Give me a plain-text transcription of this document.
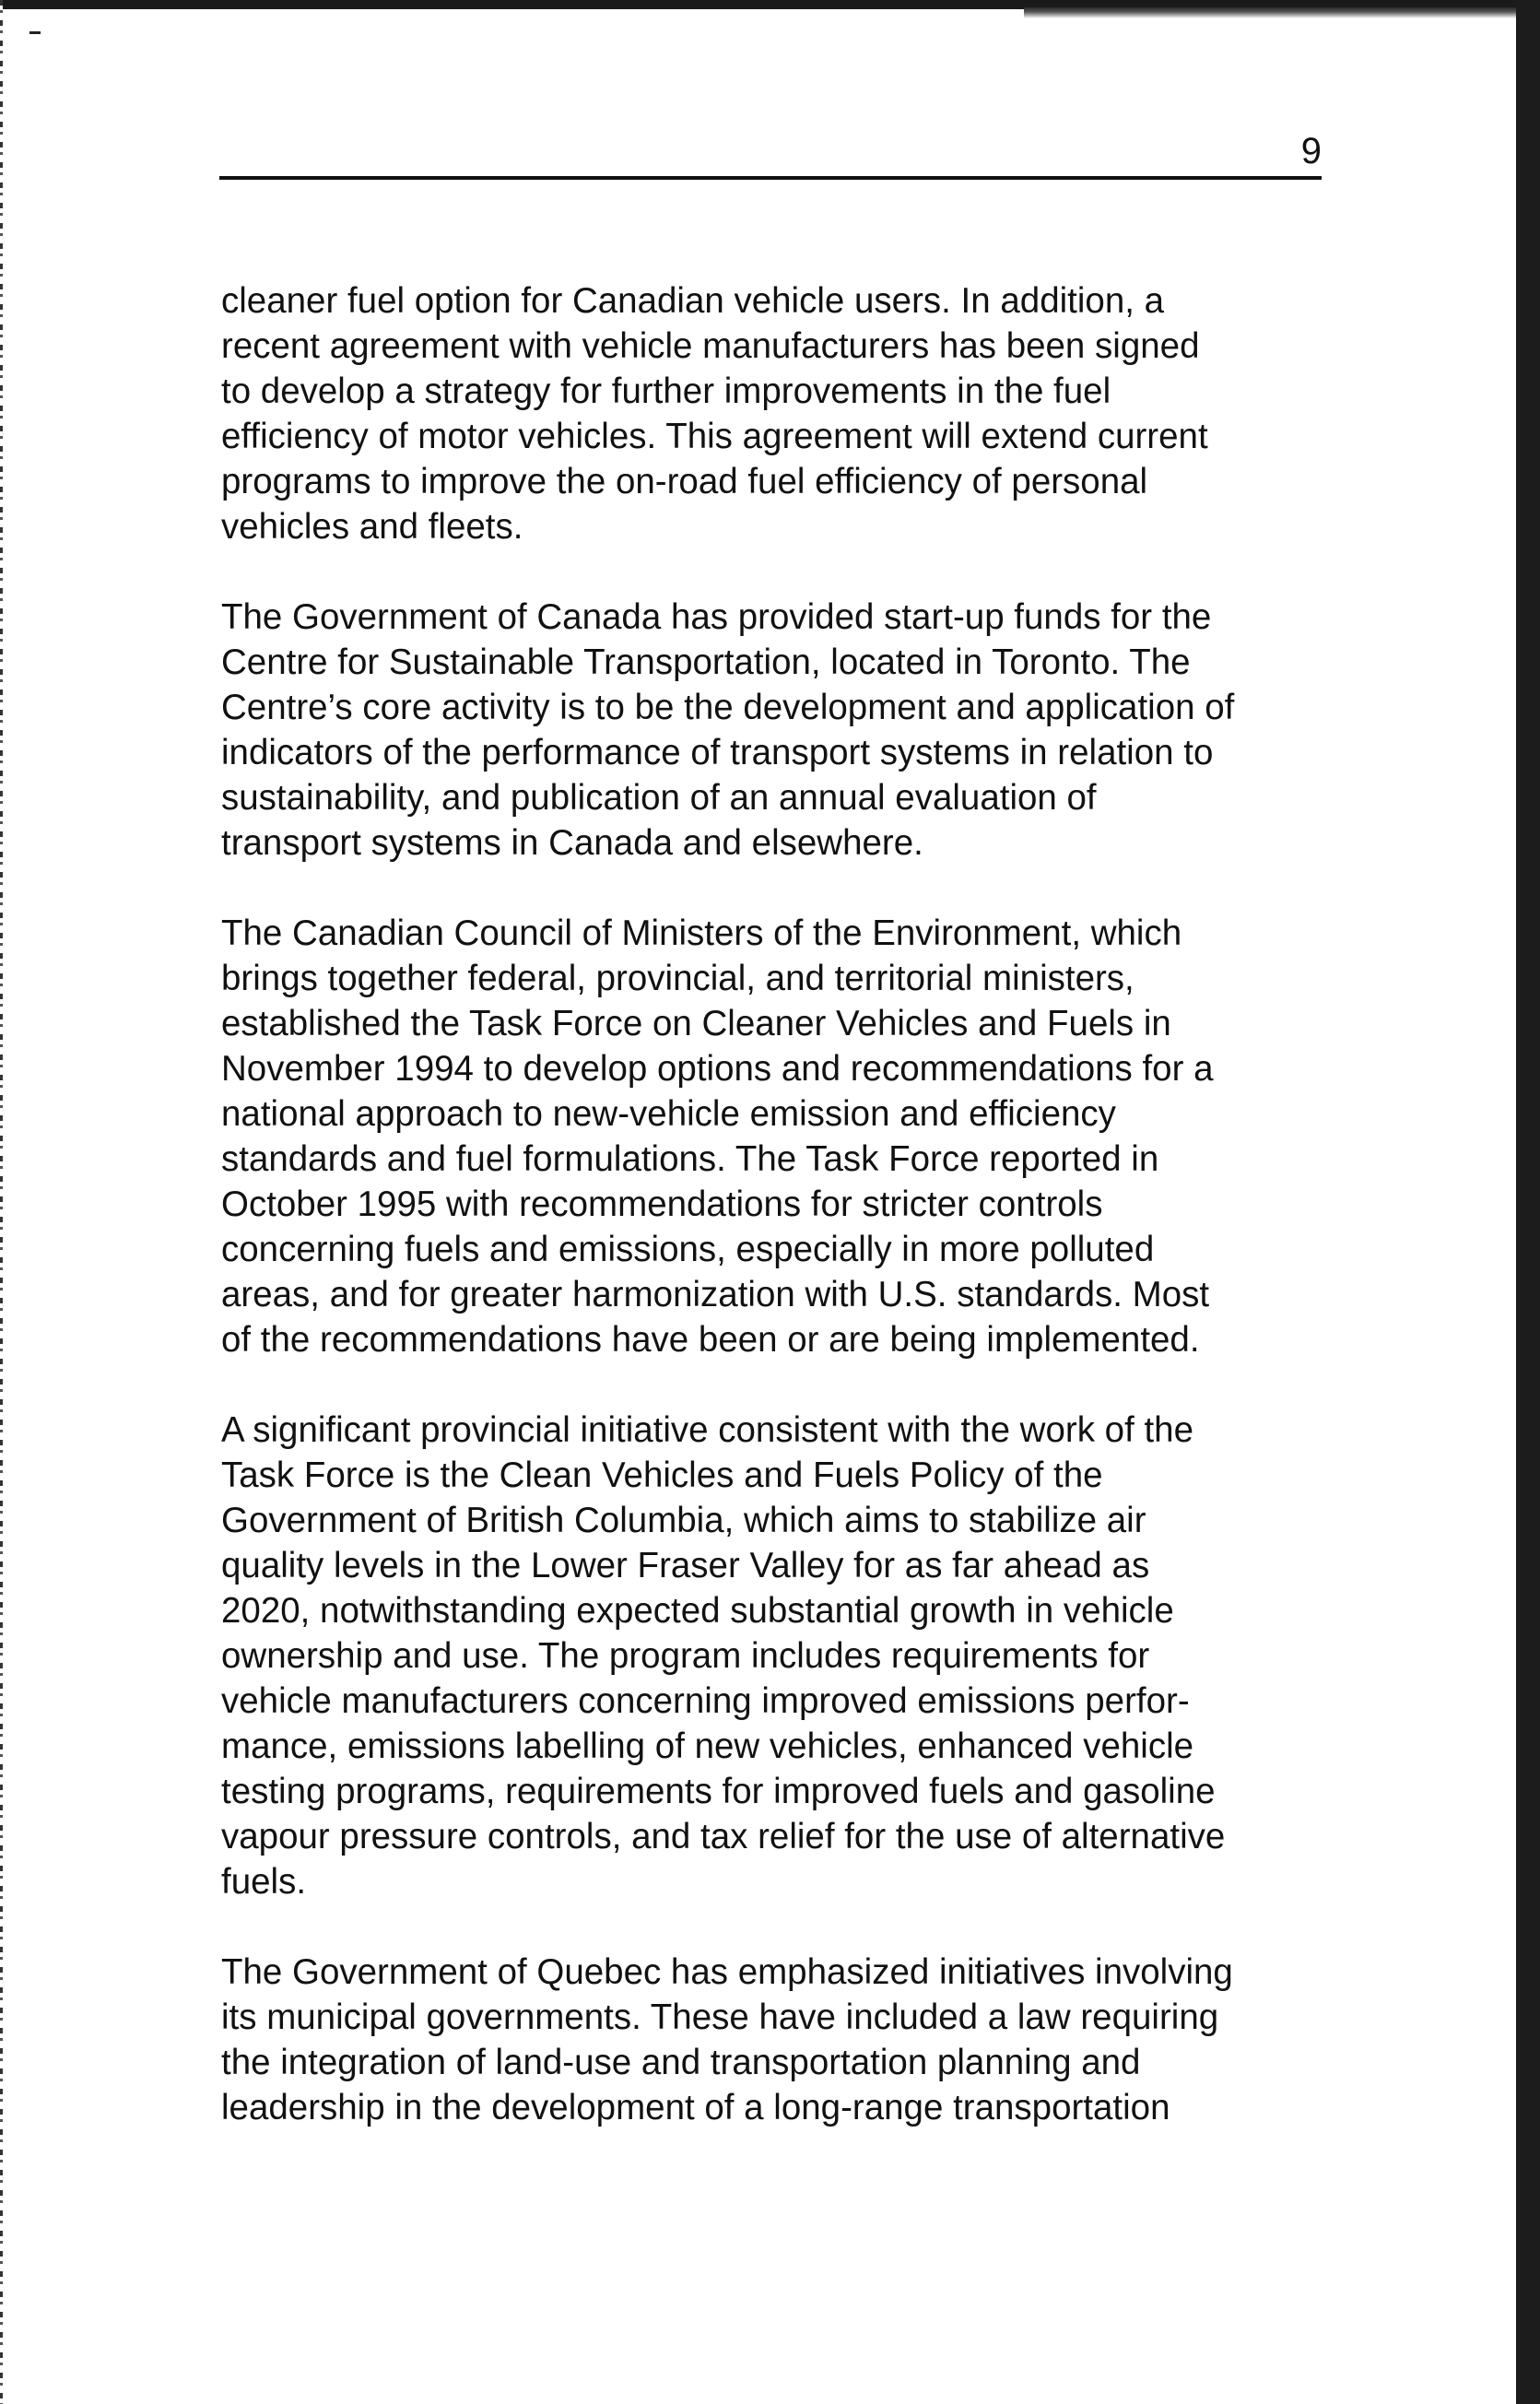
9

cleaner fuel option for Canadian vehicle users. In addition, a
recent agreement with vehicle manufacturers has been signed
to develop a strategy for further improvements in the fuel
efficiency of motor vehicles. This agreement will extend current
programs to improve the on-road fuel efficiency of personal
vehicles and fleets.

The Government of Canada has provided start-up funds for the
Centre for Sustainable Transportation, located in Toronto. The
Centre’s core activity is to be the development and application of
indicators of the performance of transport systems in relation to
sustainability, and publication of an annual evaluation of
transport systems in Canada and elsewhere.

The Canadian Council of Ministers of the Environment, which
brings together federal, provincial, and territorial ministers,
established the Task Force on Cleaner Vehicles and Fuels in
November 1994 to develop options and recommendations for a
national approach to new-vehicle emission and efficiency
standards and fuel formulations. The Task Force reported in
October 1995 with recommendations for stricter controls
concerning fuels and emissions, especially in more polluted
areas, and for greater harmonization with U.S. standards. Most
of the recommendations have been or are being implemented.

A significant provincial initiative consistent with the work of the
Task Force is the Clean Vehicles and Fuels Policy of the
Government of British Columbia, which aims to stabilize air
quality levels in the Lower Fraser Valley for as far ahead as
2020, notwithstanding expected substantial growth in vehicle
ownership and use. The program includes requirements for
vehicle manufacturers concerning improved emissions perfor-
mance, emissions labelling of new vehicles, enhanced vehicle
testing programs, requirements for improved fuels and gasoline
vapour pressure controls, and tax relief for the use of alternative
fuels.

The Government of Quebec has emphasized initiatives involving
its municipal governments. These have included a law requiring
the integration of land-use and transportation planning and
leadership in the development of a long-range transportation
